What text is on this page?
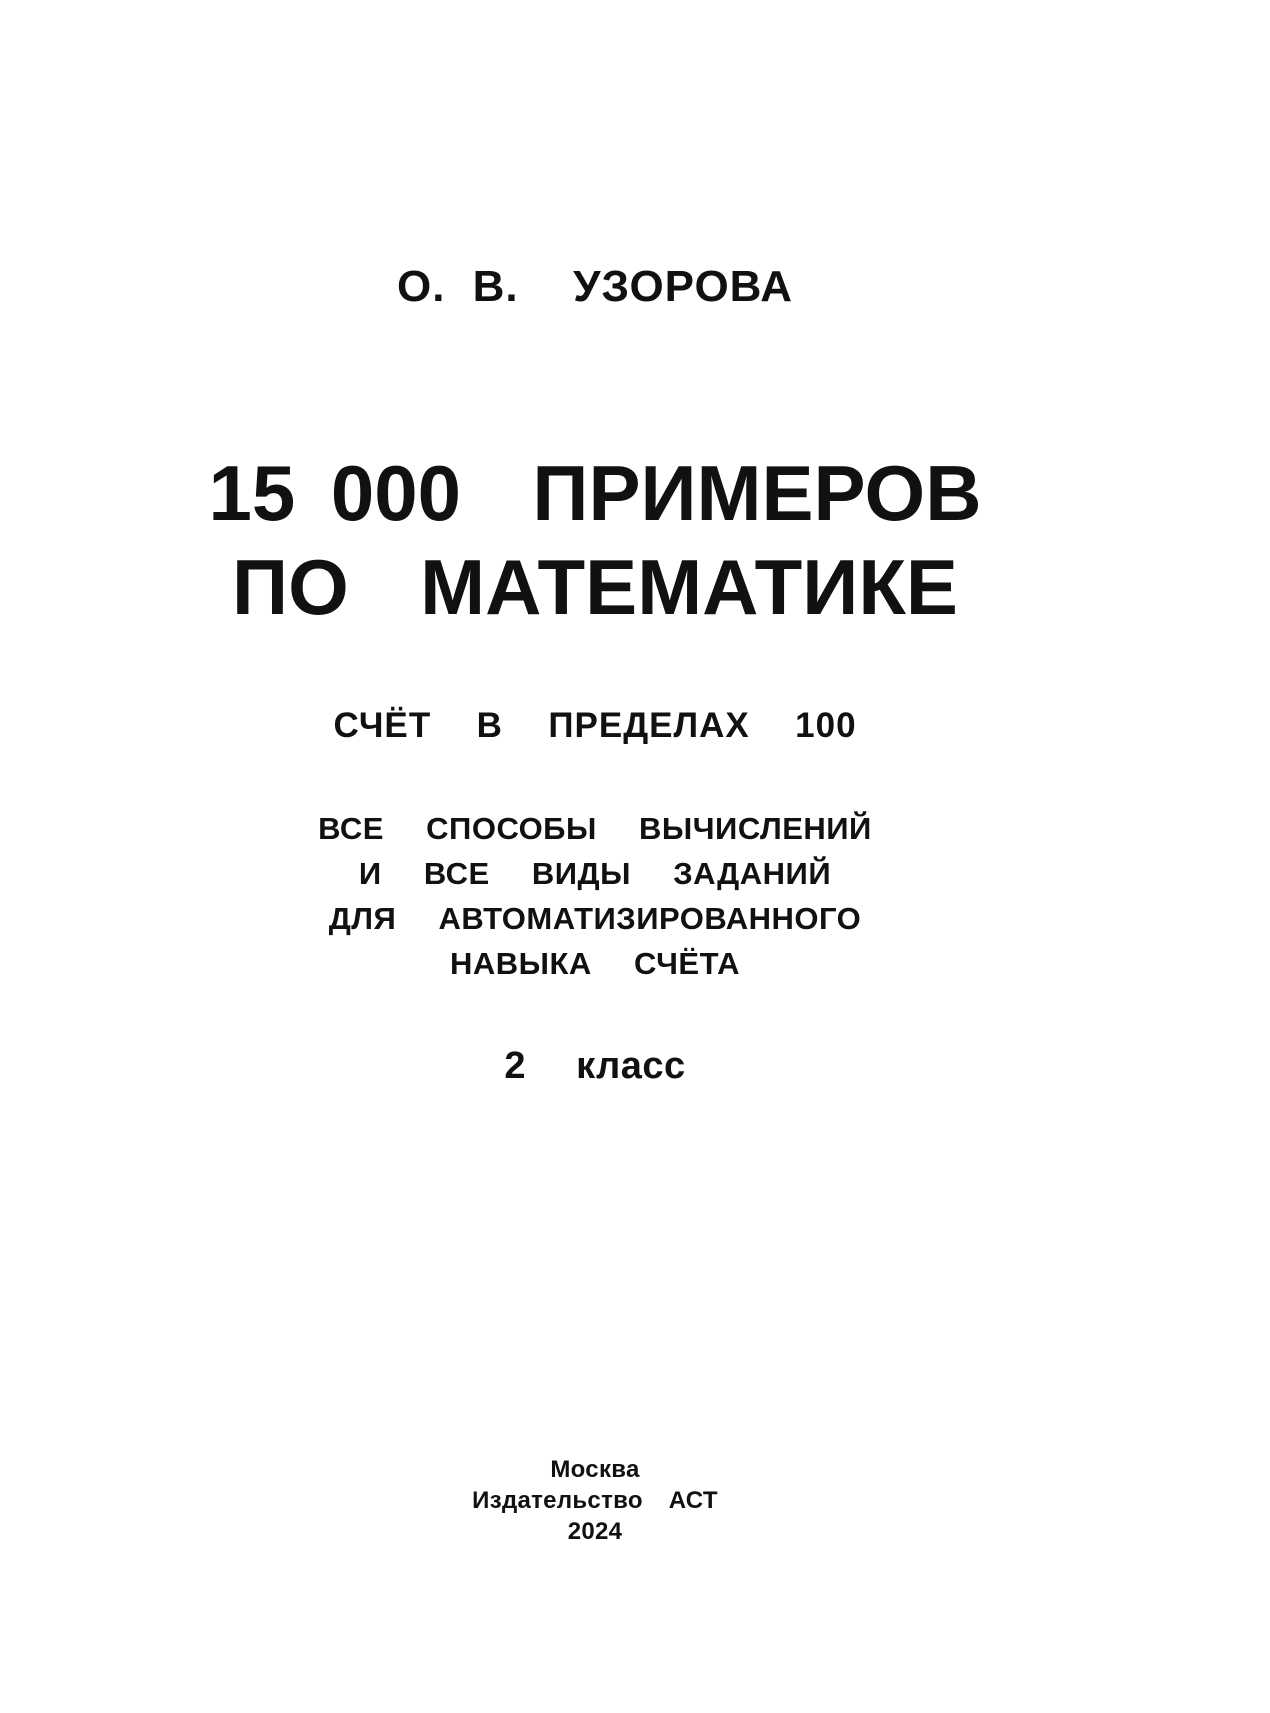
О. В.  УЗОРОВА
15 000  ПРИМЕРОВ
ПО  МАТЕМАТИКЕ
СЧЁТ  В  ПРЕДЕЛАХ  100
ВСЕ  СПОСОБЫ  ВЫЧИСЛЕНИЙ
И  ВСЕ  ВИДЫ  ЗАДАНИЙ
ДЛЯ  АВТОМАТИЗИРОВАННОГО
НАВЫКА  СЧЁТА
2  класс
Москва
Издательство  АСТ
2024
